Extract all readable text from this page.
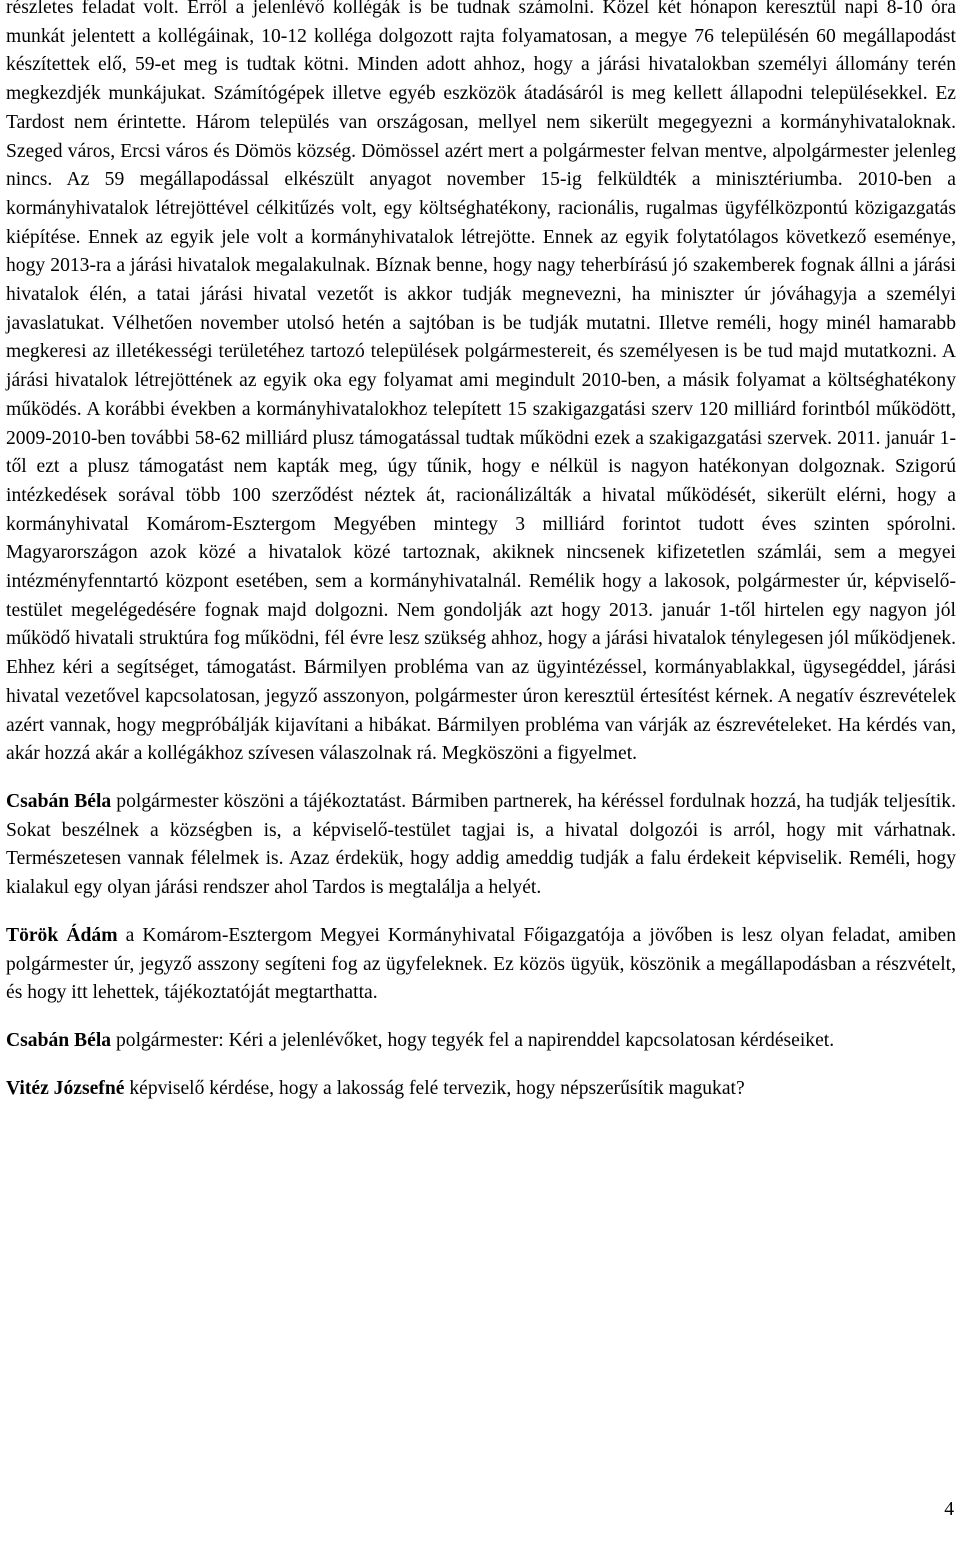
részletes feladat volt. Erről a jelenlévő kollégák is be tudnak számolni. Közel két hónapon keresztül napi 8-10 óra munkát jelentett a kollégáinak, 10-12 kolléga dolgozott rajta folyamatosan, a megye 76 településén 60 megállapodást készítettek elő, 59-et meg is tudtak kötni. Minden adott ahhoz, hogy a járási hivatalokban személyi állomány terén megkezdjék munkájukat. Számítógépek illetve egyéb eszközök átadásáról is meg kellett állapodni településekkel. Ez Tardost nem érintette. Három település van országosan, mellyel nem sikerült megegyezni a kormányhivataloknak. Szeged város, Ercsi város és Dömös község. Dömössel azért mert a polgármester felvan mentve, alpolgármester jelenleg nincs. Az 59 megállapodással elkészült anyagot november 15-ig felküldték a minisztériumba. 2010-ben a kormányhivatalok létrejöttével célkitűzés volt, egy költséghatékony, racionális, rugalmas ügyfélközpontú közigazgatás kiépítése. Ennek az egyik jele volt a kormányhivatalok létrejötte. Ennek az egyik folytatólagos következő eseménye, hogy 2013-ra a járási hivatalok megalakulnak. Bíznak benne, hogy nagy teherbírású jó szakemberek fognak állni a járási hivatalok élén, a tatai járási hivatal vezetőt is akkor tudják megnevezni, ha miniszter úr jóváhagyja a személyi javaslatukat. Vélhetően november utolsó hetén a sajtóban is be tudják mutatni. Illetve reméli, hogy minél hamarabb megkeresi az illetékességi területéhez tartozó települések polgármestereit, és személyesen is be tud majd mutatkozni. A járási hivatalok létrejöttének az egyik oka egy folyamat ami megindult 2010-ben, a másik folyamat a költséghatékony működés. A korábbi években a kormányhivatalokhoz telepített 15 szakigazgatási szerv 120 milliárd forintból működött, 2009-2010-ben további 58-62 milliárd plusz támogatással tudtak működni ezek a szakigazgatási szervek. 2011. január 1-től ezt a plusz támogatást nem kapták meg, úgy tűnik, hogy e nélkül is nagyon hatékonyan dolgoznak. Szigorú intézkedések sorával több 100 szerződést néztek át, racionálizálták a hivatal működését, sikerült elérni, hogy a kormányhivatal Komárom-Esztergom Megyében mintegy 3 milliárd forintot tudott éves szinten spórolni. Magyarországon azok közé a hivatalok közé tartoznak, akiknek nincsenek kifizetetlen számlái, sem a megyei intézményfenntartó központ esetében, sem a kormányhivatalnál. Remélik hogy a lakosok, polgármester úr, képviselő-testület megelégedésére fognak majd dolgozni. Nem gondolják azt hogy 2013. január 1-től hirtelen egy nagyon jól működő hivatali struktúra fog működni, fél évre lesz szükség ahhoz, hogy a járási hivatalok ténylegesen jól működjenek. Ehhez kéri a segítséget, támogatást. Bármilyen probléma van az ügyintézéssel, kormányablakkal, ügysegéddel, járási hivatal vezetővel kapcsolatosan, jegyző asszonyon, polgármester úron keresztül értesítést kérnek. A negatív észrevételek azért vannak, hogy megpróbálják kijavítani a hibákat. Bármilyen probléma van várják az észrevételeket. Ha kérdés van, akár hozzá akár a kollégákhoz szívesen válaszolnak rá. Megköszöni a figyelmet.

Csabán Béla polgármester köszöni a tájékoztatást. Bármiben partnerek, ha kéréssel fordulnak hozzá, ha tudják teljesítik. Sokat beszélnek a községben is, a képviselő-testület tagjai is, a hivatal dolgozói is arról, hogy mit várhatnak. Természetesen vannak félelmek is. Azaz érdekük, hogy addig ameddig tudják a falu érdekeit képviselik. Reméli, hogy kialakul egy olyan járási rendszer ahol Tardos is megtalálja a helyét.

Török Ádám a Komárom-Esztergom Megyei Kormányhivatal Főigazgatója a jövőben is lesz olyan feladat, amiben polgármester úr, jegyző asszony segíteni fog az ügyfeleknek. Ez közös ügyük, köszönik a megállapodásban a részvételt, és hogy itt lehettek, tájékoztatóját megtarthatta.

Csabán Béla polgármester: Kéri a jelenlévőket, hogy tegyék fel a napirenddel kapcsolatosan kérdéseiket.

Vitéz Józsefné képviselő kérdése, hogy a lakosság felé tervezik, hogy népszerűsítik magukat?

4
